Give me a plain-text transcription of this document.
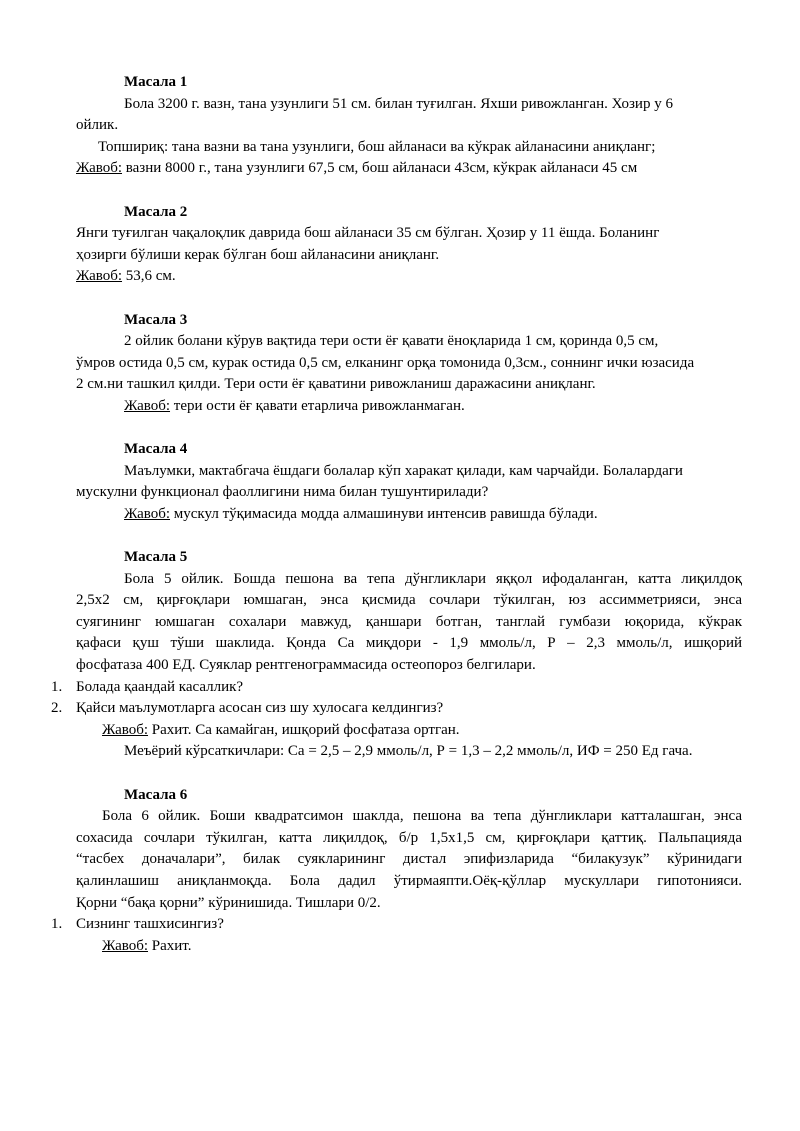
Масала 1
Бола 3200 г. вазн, тана узунлиги 51 см. билан туғилган. Яхши ривожланган. Хозир у 6
ойлик.
Топшириқ: тана вазни ва тана узунлиги, бош айланаси ва кўкрак айланасини аниқланг;
Жавоб: вазни 8000 г., тана узунлиги 67,5 см, бош айланаси 43см, кўкрак айланаси 45 см
Масала 2
Янги туғилган чақалоқлик даврида бош айланаси 35 см бўлган. Ҳозир у 11 ёшда. Боланинг
ҳозирги бўлиши керак бўлган бош айланасини аниқланг.
Жавоб: 53,6 см.
Масала 3
2 ойлик болани кўрув вақтида тери ости ёғ қавати ёноқларида 1 см, қоринда 0,5 см,
ўмров остида 0,5 см, курак остида 0,5 см, елканинг орқа томонида 0,3см., соннинг ички юзасида
2 см.ни ташкил қилди. Тери ости ёғ қаватини ривожланиш даражасини аниқланг.
Жавоб: тери ости ёғ қавати етарлича ривожланмаган.
Масала 4
Маълумки, мактабгача ёшдаги болалар кўп харакат қилади, кам чарчайди. Болалардаги
мускулни функционал фаоллигини нима билан тушунтирилади?
Жавоб: мускул тўқимасида модда алмашинуви интенсив равишда бўлади.
Масала 5
Бола 5 ойлик. Бошда пешона ва тепа дўнгликлари яққол ифодаланган, катта лиқилдоқ
2,5х2 см, қирғоқлари юмшаган, энса қисмида сочлари тўкилган, юз ассимметрияси, энса
суягининг юмшаган сохалари мавжуд, қаншари ботган, танглай гумбази юқорида, кўкрак
қафаси қуш тўши шаклида. Қонда Са миқдори - 1,9 ммоль/л, Р – 2,3 ммоль/л, ишқорий
фосфатаза 400 ЕД. Суяклар рентгенограммасида остеопороз белгилари.
1. Болада қаандай касаллик?
2. Қайси маълумотларга асосан сиз шу хулосага келдингиз?
Жавоб: Рахит. Са камайган, ишқорий фосфатаза ортган.
Меъёрий кўрсаткичлари: Са = 2,5 – 2,9 ммоль/л, Р = 1,3 – 2,2 ммоль/л, ИФ = 250 Ед гача.
Масала 6
Бола 6 ойлик. Боши квадратсимон шаклда, пешона ва тепа дўнгликлари катталашган, энса
сохасида сочлари тўкилган, катта лиқилдоқ, б/р 1,5х1,5 см, қирғоқлари қаттиқ. Пальпацияда
“тасбех доначалари”, билак суякларининг дистал эпифизларида “билакузук” кўринидаги
қалинлашиш аниқланмоқда. Бола дадил ўтирмаяпти.Оёқ-қўллар мускуллари гипотонияси.
Қорни “бақа қорни” кўринишида. Тишлари 0/2.
1. Сизнинг ташхисингиз?
Жавоб: Рахит.
